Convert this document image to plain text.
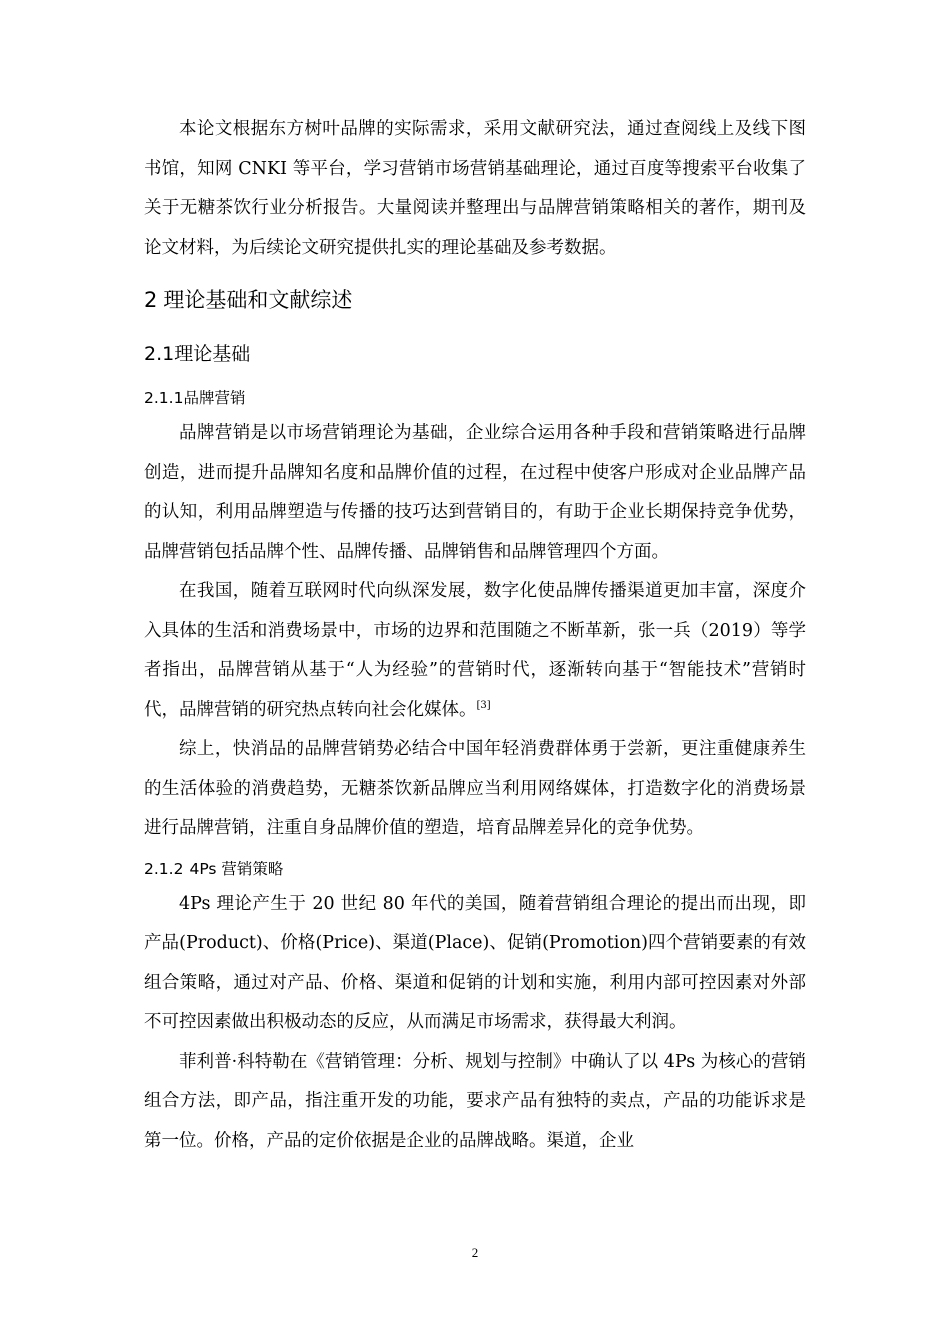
本论文根据东方树叶品牌的实际需求，采用文献研究法，通过查阅线上及线下图书馆，知网 CNKI 等平台，学习营销市场营销基础理论，通过百度等搜索平台收集了关于无糖茶饮行业分析报告。大量阅读并整理出与品牌营销策略相关的著作，期刊及论文材料，为后续论文研究提供扎实的理论基础及参考数据。

2 理论基础和文献综述
2.1理论基础
2.1.1品牌营销

品牌营销是以市场营销理论为基础，企业综合运用各种手段和营销策略进行品牌创造，进而提升品牌知名度和品牌价值的过程，在过程中使客户形成对企业品牌产品的认知，利用品牌塑造与传播的技巧达到营销目的，有助于企业长期保持竞争优势，品牌营销包括品牌个性、品牌传播、品牌销售和品牌管理四个方面。

在我国，随着互联网时代向纵深发展，数字化使品牌传播渠道更加丰富，深度介入具体的生活和消费场景中，市场的边界和范围随之不断革新，张一兵（2019）等学者指出，品牌营销从基于“人为经验”的营销时代，逐渐转向基于“智能技术”营销时代，品牌营销的研究热点转向社会化媒体。[3]

综上，快消品的品牌营销势必结合中国年轻消费群体勇于尝新，更注重健康养生的生活体验的消费趋势，无糖茶饮新品牌应当利用网络媒体，打造数字化的消费场景进行品牌营销，注重自身品牌价值的塑造，培育品牌差异化的竞争优势。

2.1.2 4Ps 营销策略

4Ps 理论产生于 20 世纪 80 年代的美国，随着营销组合理论的提出而出现，即产品(Product)、价格(Price)、渠道(Place)、促销(Promotion)四个营销要素的有效组合策略，通过对产品、价格、渠道和促销的计划和实施，利用内部可控因素对外部不可控因素做出积极动态的反应，从而满足市场需求，获得最大利润。

菲利普·科特勒在《营销管理：分析、规划与控制》中确认了以 4Ps 为核心的营销组合方法，即产品，指注重开发的功能，要求产品有独特的卖点，产品的功能诉求是第一位。价格，产品的定价依据是企业的品牌战略。渠道，企业

2
